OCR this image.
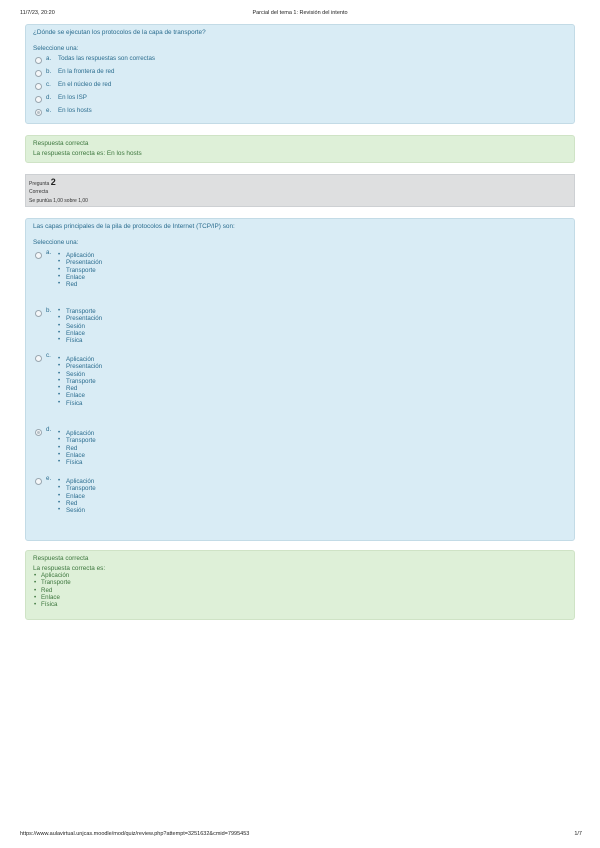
11/7/23, 20:20	Parcial del tema 1: Revisión del intento
¿Dónde se ejecutan los protocolos de la capa de transporte?
Seleccione una:
a. Todas las respuestas son correctas
b. En la frontera de red
c. En el núcleo de red
d. En los ISP
e. En los hosts
Respuesta correcta
La respuesta correcta es: En los hosts
Pregunta 2
Correcta
Se puntúa 1,00 sobre 1,00
Las capas principales de la pila de protocolos de Internet (TCP/IP) son:
Seleccione una:
a.	• Aplicación
• Presentación
• Transporte
• Enlace
• Red
b.	• Transporte
• Presentación
• Sesión
• Enlace
• Física
c.
• Aplicación
• Presentación
• Sesión
• Transporte
• Red
• Enlace
• Física
d.
• Aplicación
• Transporte
• Red
• Enlace
• Física
e.	• Aplicación
• Transporte
• Enlace
• Red
• Sesión
Respuesta correcta
La respuesta correcta es:
• Aplicación
• Transporte
• Red
• Enlace
• Física
https://www.aulavirtual.unjcas.moodle/mod/quiz/review.php?attempt=3251632&cmid=7995453	1/7
